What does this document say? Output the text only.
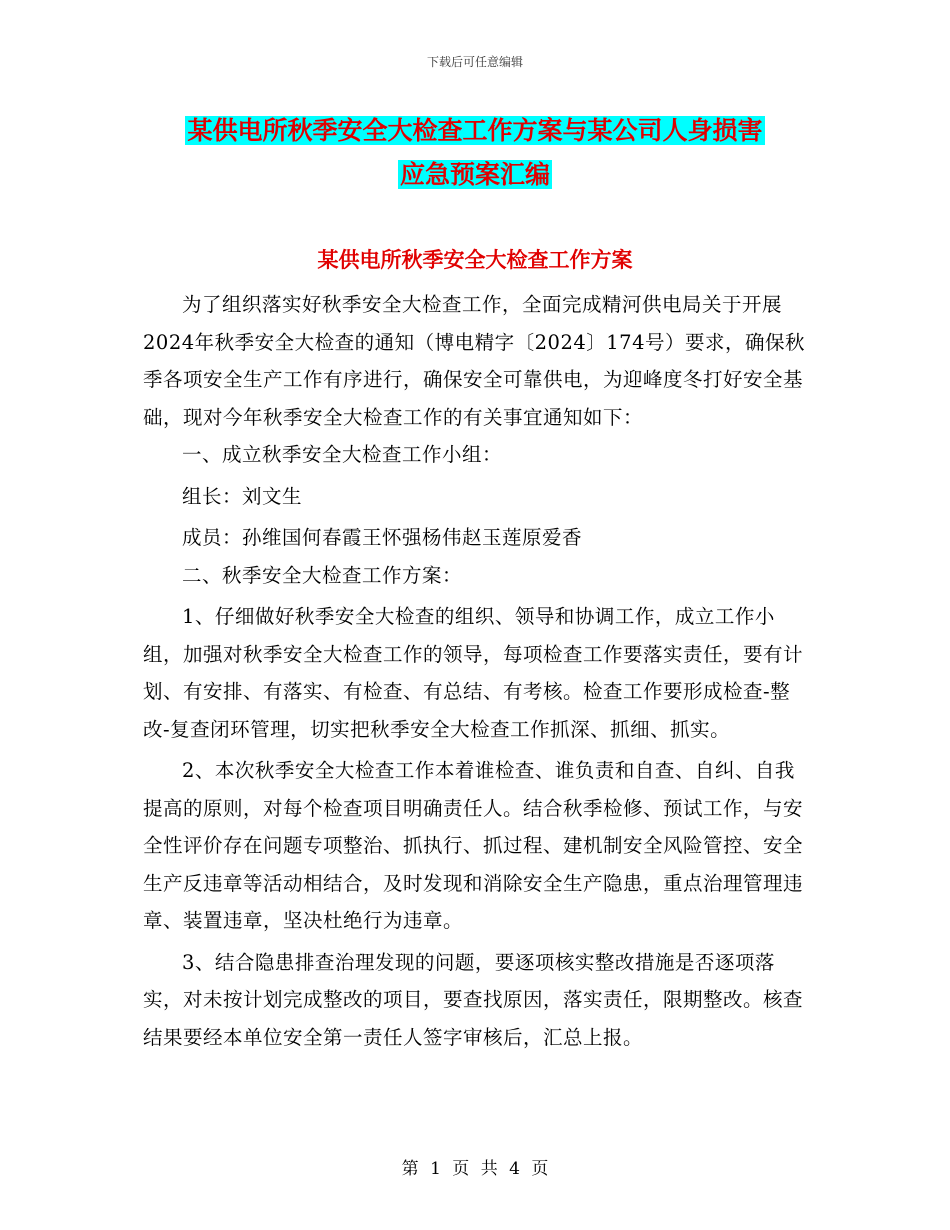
下载后可任意编辑
某供电所秋季安全大检查工作方案与某公司人身损害
应急预案汇编
某供电所秋季安全大检查工作方案

为了组织落实好秋季安全大检查工作，全面完成精河供电局关于开展2024年秋季安全大检查的通知（博电精字〔2024〕174号）要求，确保秋季各项安全生产工作有序进行，确保安全可靠供电，为迎峰度冬打好安全基础，现对今年秋季安全大检查工作的有关事宜通知如下：

一、成立秋季安全大检查工作小组：

组长：刘文生

成员：孙维国何春霞王怀强杨伟赵玉莲原爱香

二、秋季安全大检查工作方案：

1、仔细做好秋季安全大检查的组织、领导和协调工作，成立工作小组，加强对秋季安全大检查工作的领导，每项检查工作要落实责任，要有计划、有安排、有落实、有检查、有总结、有考核。检查工作要形成检查-整改-复查闭环管理，切实把秋季安全大检查工作抓深、抓细、抓实。

2、本次秋季安全大检查工作本着谁检查、谁负责和自查、自纠、自我提高的原则，对每个检查项目明确责任人。结合秋季检修、预试工作，与安全性评价存在问题专项整治、抓执行、抓过程、建机制安全风险管控、安全生产反违章等活动相结合，及时发现和消除安全生产隐患，重点治理管理违章、装置违章，坚决杜绝行为违章。

3、结合隐患排查治理发现的问题，要逐项核实整改措施是否逐项落实，对未按计划完成整改的项目，要查找原因，落实责任，限期整改。核查结果要经本单位安全第一责任人签字审核后，汇总上报。

第 1 页 共 4 页
